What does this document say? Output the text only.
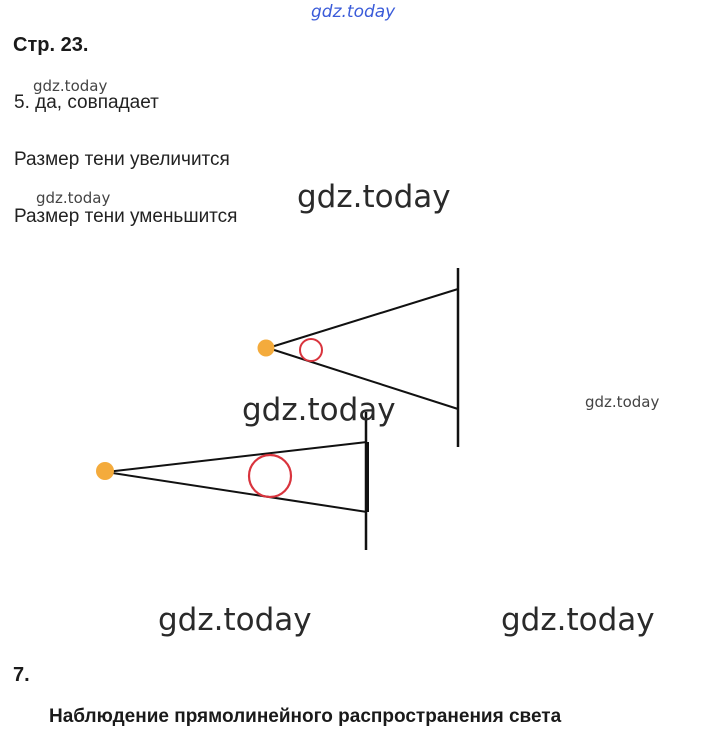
gdz.today
Стр. 23.
gdz.today
5. да, совпадает
Размер тени увеличится
gdz.today
Размер тени уменьшится
gdz.today
gdz.today	gdz.today
gdz.today	gdz.today
7.
Наблюдение прямолинейного распространения света
